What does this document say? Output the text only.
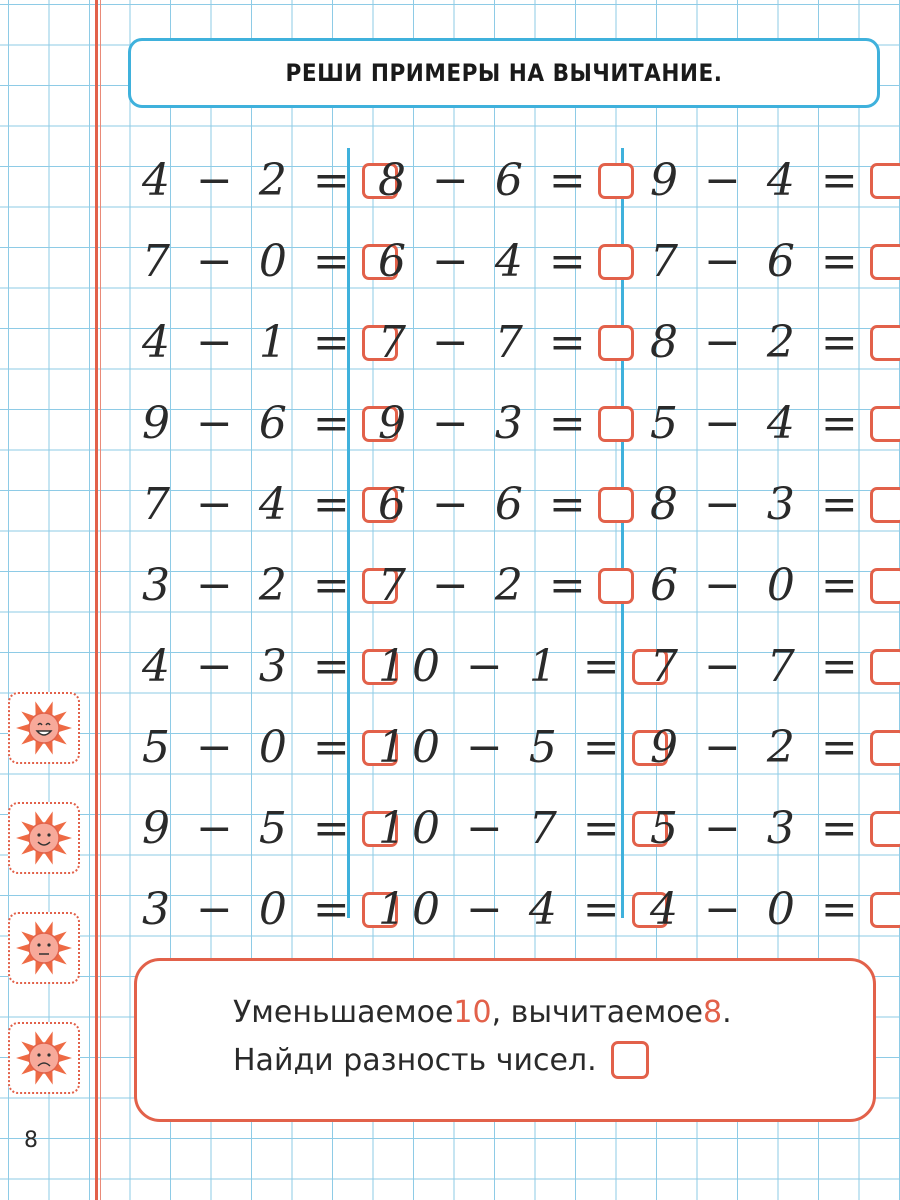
РЕШИ ПРИМЕРЫ НА ВЫЧИТАНИЕ.
4 − 2 =
7 − 0 =
4 − 1 =
9 − 6 =
7 − 4 =
3 − 2 =
4 − 3 =
5 − 0 =
9 − 5 =
3 − 0 =
8 − 6 =
6 − 4 =
7 − 7 =
9 − 3 =
6 − 6 =
7 − 2 =
10 − 1 =
10 − 5 =
10 − 7 =
10 − 4 =
9 − 4 =
7 − 6 =
8 − 2 =
5 − 4 =
8 − 3 =
6 − 0 =
7 − 7 =
9 − 2 =
5 − 3 =
4 − 0 =
Уменьшаемое 10 , вычитаемое 8 .
Найди разность чисел.
8
